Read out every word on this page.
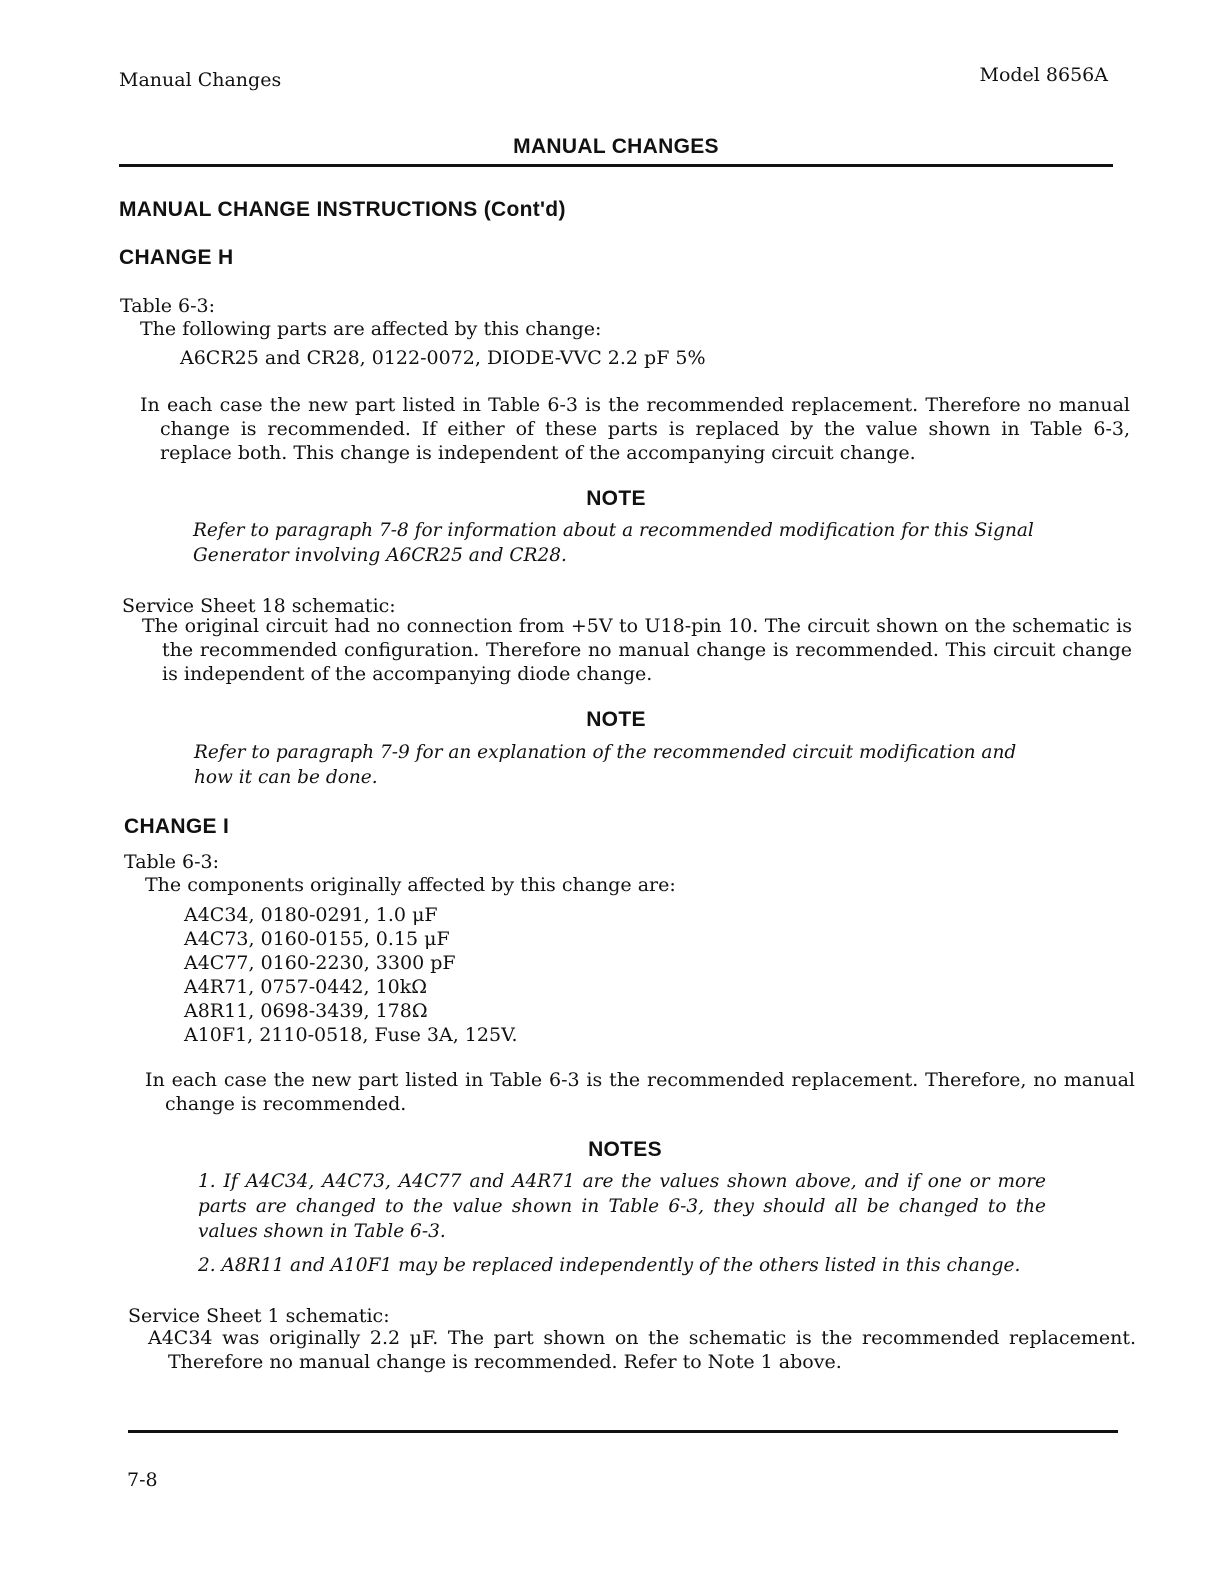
Manual Changes	Model 8656A
MANUAL CHANGES
MANUAL CHANGE INSTRUCTIONS (Cont'd)
CHANGE H
Table 6-3:
The following parts are affected by this change:
A6CR25 and CR28, 0122-0072, DIODE-VVC 2.2 pF 5%
In each case the new part listed in Table 6-3 is the recommended replacement. Therefore no manual change is recommended. If either of these parts is replaced by the value shown in Table 6-3, replace both. This change is independent of the accompanying circuit change.
NOTE
Refer to paragraph 7-8 for information about a recommended modification for this Signal Generator involving A6CR25 and CR28.
Service Sheet 18 schematic:
The original circuit had no connection from +5V to U18-pin 10. The circuit shown on the schematic is the recommended configuration. Therefore no manual change is recommended. This circuit change is independent of the accompanying diode change.
NOTE
Refer to paragraph 7-9 for an explanation of the recommended circuit modification and how it can be done.
CHANGE I
Table 6-3:
The components originally affected by this change are:
A4C34, 0180-0291, 1.0 μF
A4C73, 0160-0155, 0.15 μF
A4C77, 0160-2230, 3300 pF
A4R71, 0757-0442, 10kΩ
A8R11, 0698-3439, 178Ω
A10F1, 2110-0518, Fuse 3A, 125V.
In each case the new part listed in Table 6-3 is the recommended replacement. Therefore, no manual change is recommended.
NOTES
1. If A4C34, A4C73, A4C77 and A4R71 are the values shown above, and if one or more parts are changed to the value shown in Table 6-3, they should all be changed to the values shown in Table 6-3.
2. A8R11 and A10F1 may be replaced independently of the others listed in this change.
Service Sheet 1 schematic:
A4C34 was originally 2.2 μF. The part shown on the schematic is the recommended replacement. Therefore no manual change is recommended. Refer to Note 1 above.
7-8
